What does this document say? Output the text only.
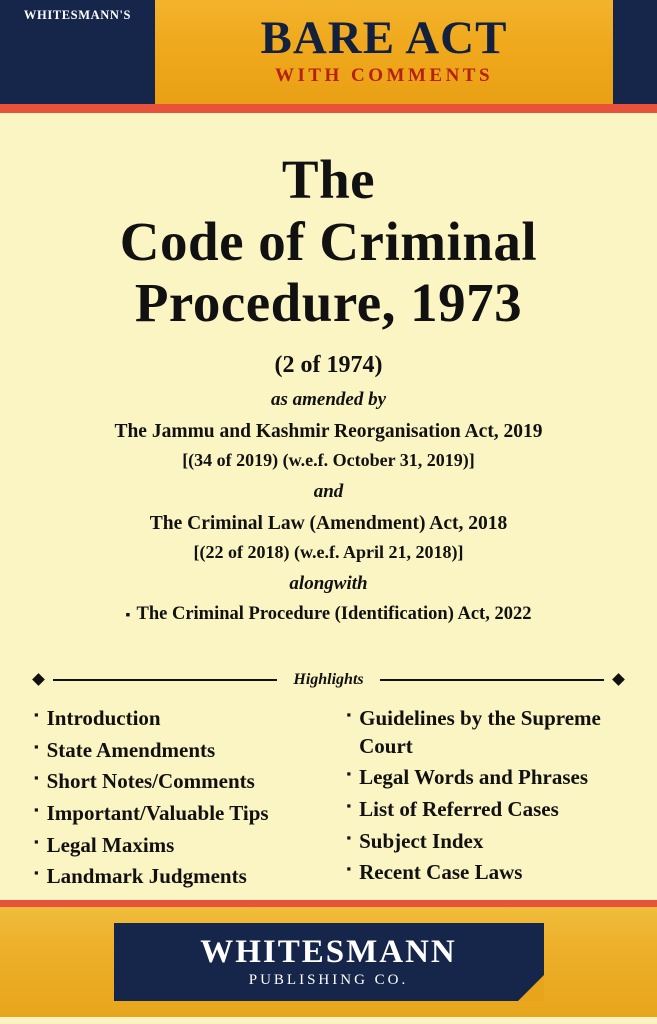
WHITESMANN'S	BARE ACT
WITH COMMENTS
The
Code of Criminal
Procedure, 1973
(2 of 1974)
as amended by
The Jammu and Kashmir Reorganisation Act, 2019
[(34 of 2019) (w.e.f. October 31, 2019)]
and
The Criminal Law (Amendment) Act, 2018
[(22 of 2018) (w.e.f. April 21, 2018)]
alongwith
▪ The Criminal Procedure (Identification) Act, 2022
Highlights
▪ Introduction
▪ State Amendments
▪ Short Notes/Comments
▪ Important/Valuable Tips
▪ Legal Maxims
▪ Landmark Judgments
▪ Guidelines by the Supreme Court
▪ Legal Words and Phrases
▪ List of Referred Cases
▪ Subject Index
▪ Recent Case Laws
WHITESMANN
PUBLISHING CO.
